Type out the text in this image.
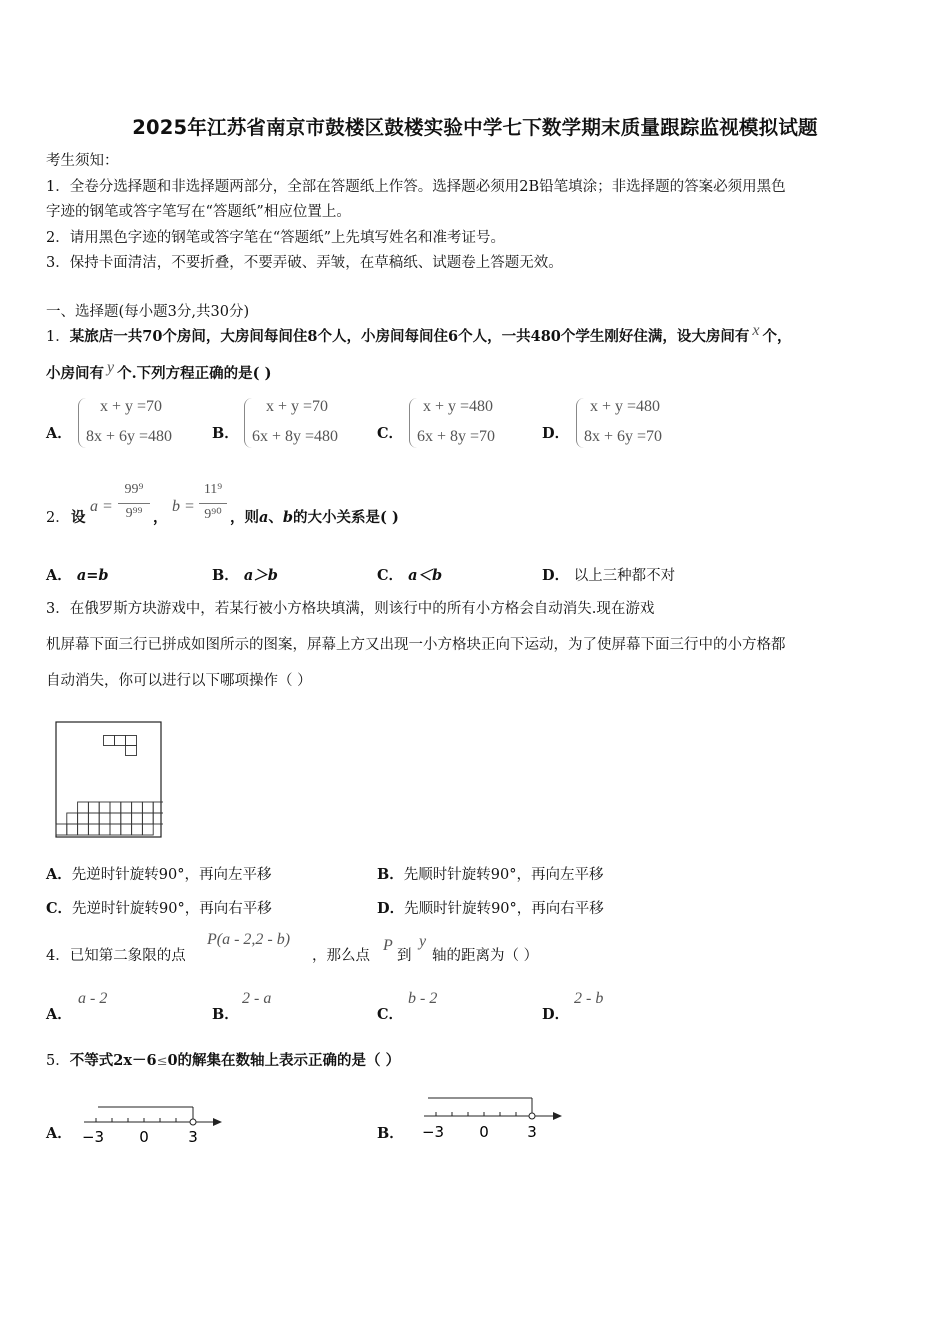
2025年江苏省南京市鼓楼区鼓楼实验中学七下数学期末质量跟踪监视模拟试题
考生须知：
1．全卷分选择题和非选择题两部分，全部在答题纸上作答。选择题必须用2B铅笔填涂；非选择题的答案必须用黑色
字迹的钢笔或答字笔写在“答题纸”相应位置上。
2．请用黑色字迹的钢笔或答字笔在“答题纸”上先填写姓名和准考证号。
3．保持卡面清洁，不要折叠，不要弄破、弄皱，在草稿纸、试题卷上答题无效。
一、选择题(每小题3分,共30分)
1．某旅店一共70个房间，大房间每间住8个人，小房间每间住6个人，一共480个学生刚好住满，设大房间有 x 个，
小房间有 y 个.下列方程正确的是( )
A．
x + y =70
8x + 6y =480	B．
x + y =70
6x + 8y =480	C．
x + y =480
6x + 8y =70	D．
x + y =480
8x + 6y =70
2． 设
a =
99⁹
9⁹⁹ ，
b =
11⁹
9⁹⁰ ，则a、b的大小关系是( )
A． a=b	B． a＞b	C． a＜b	D． 以上三种都不对
3．在俄罗斯方块游戏中，若某行被小方格块填满，则该行中的所有小方格会自动消失.现在游戏
机屏幕下面三行已拼成如图所示的图案，屏幕上方又出现一小方格块正向下运动，为了使屏幕下面三行中的小方格都
自动消失，你可以进行以下哪项操作（ ）
A．先逆时针旋转90°，再向左平移	B．先顺时针旋转90°，再向左平移
C．先逆时针旋转90°，再向右平移	D．先顺时针旋转90°，再向右平移
4．已知第二象限的点
P(a - 2,2 - b)
，那么点
P
到
y
轴的距离为（ ）
A．
a - 2
B．
2 - a
C．
b - 2
D．
2 - b
5．不等式2x－6≤0的解集在数轴上表示正确的是（ ）
A． −3 0	3	B． −3 0	3
